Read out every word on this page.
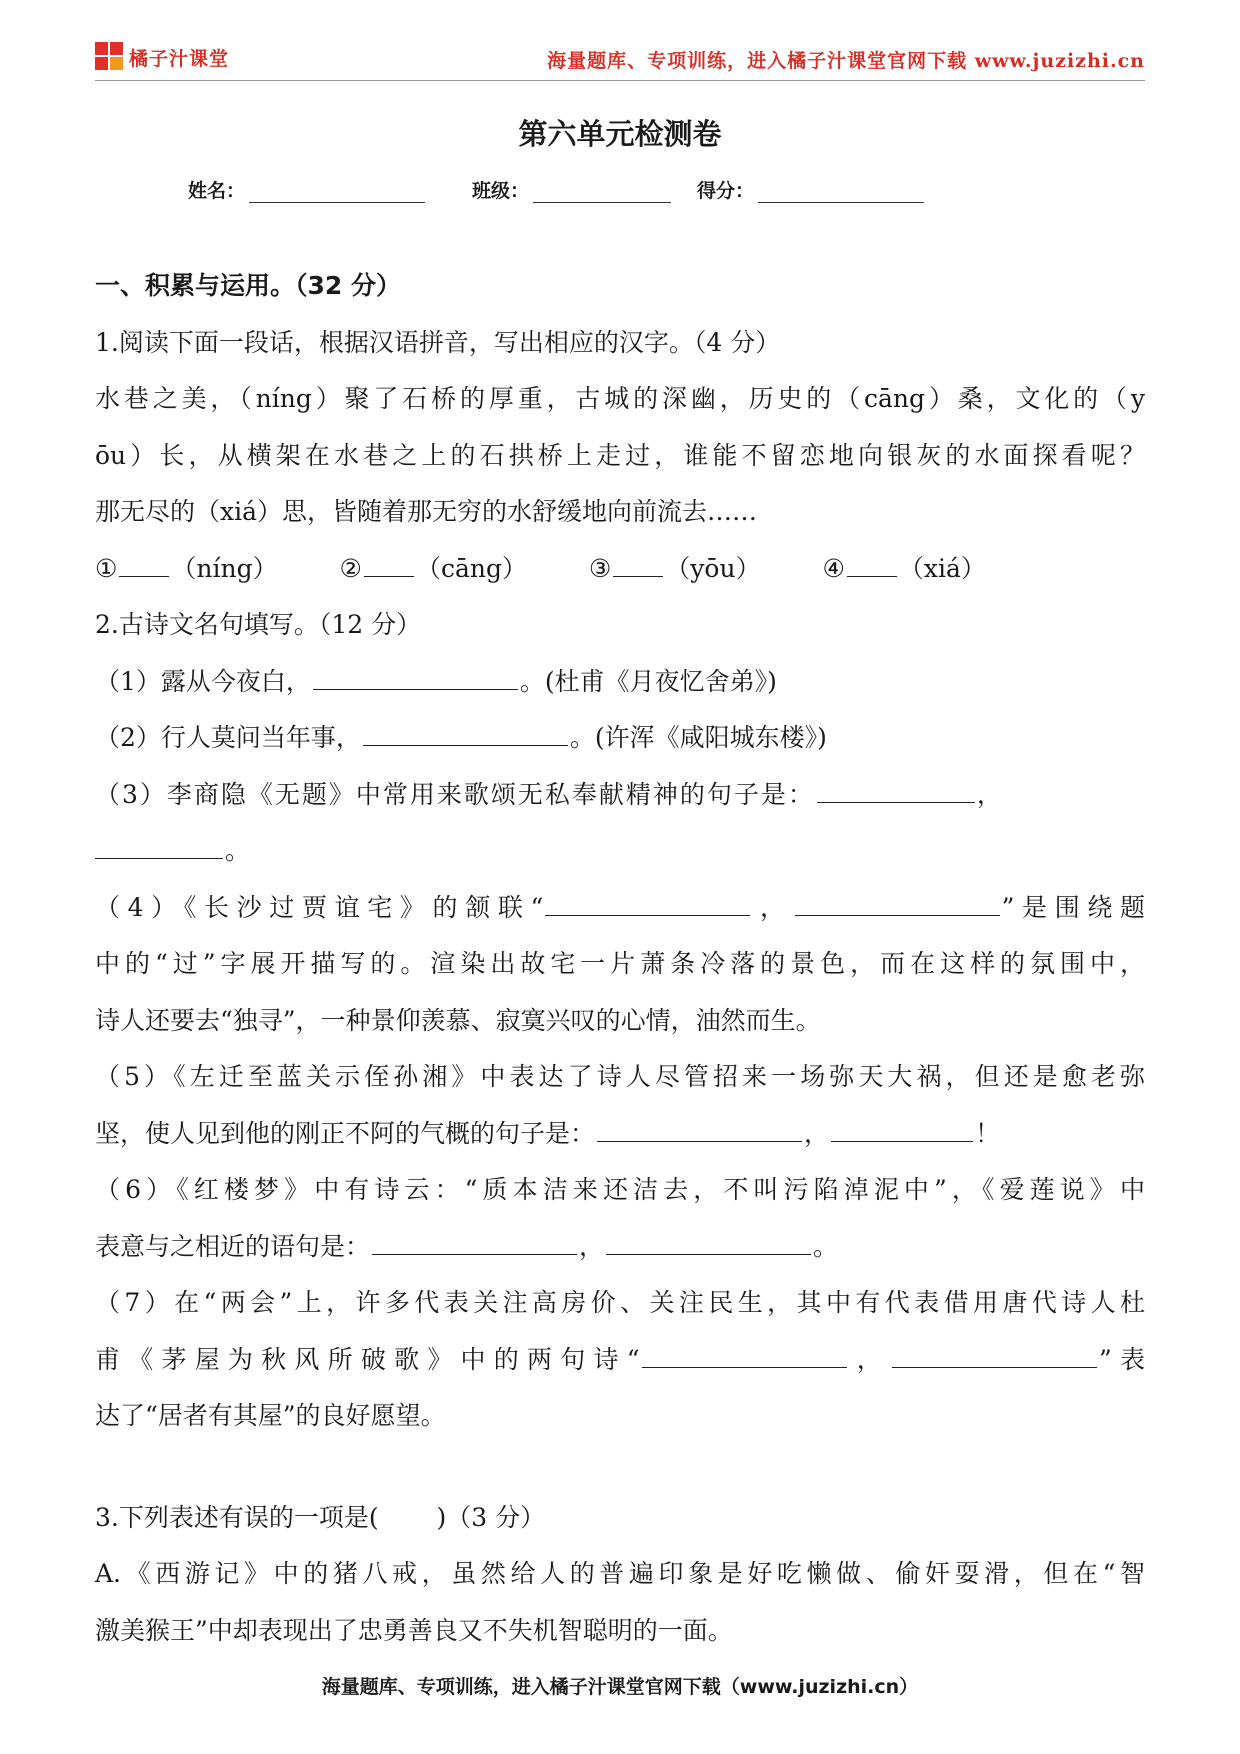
橘子汁课堂	海量题库、专项训练，进入橘子汁课堂官网下载 www.juzizhi.cn
第六单元检测卷
姓名：	班级：	得分：

一、积累与运用。（32 分）

1.阅读下面一段话，根据汉语拼音，写出相应的汉字。（4 分）

水巷之美，（níng）聚了石桥的厚重，古城的深幽，历史的（cāng）桑，文化的（y

ōu）长，从横架在水巷之上的石拱桥上走过，谁能不留恋地向银灰的水面探看呢？

那无尽的（xiá）思，皆随着那无穷的水舒缓地向前流去……

① （níng） ② （cāng） ③ （yōu） ④ （xiá）

2.古诗文名句填写。（12 分）

（1）露从今夜白，	。(杜甫《月夜忆舍弟》)

（2）行人莫问当年事，	。(许浑《咸阳城东楼》)

（3）李商隐《无题》中常用来歌颂无私奉献精神的句子是：	，

。

（4）《长沙过贾谊宅》的颔联“	，	”是围绕题

中的“过”字展开描写的。渲染出故宅一片萧条冷落的景色，而在这样的氛围中，

诗人还要去“独寻”，一种景仰羡慕、寂寞兴叹的心情，油然而生。

（5）《左迁至蓝关示侄孙湘》中表达了诗人尽管招来一场弥天大祸，但还是愈老弥

坚，使人见到他的刚正不阿的气概的句子是：	，	！

（6）《红楼梦》中有诗云：“质本洁来还洁去，不叫污陷淖泥中”，《爱莲说》中

表意与之相近的语句是：	，	。

（7）在“两会”上，许多代表关注高房价、关注民生，其中有代表借用唐代诗人杜

甫《茅屋为秋风所破歌》中的两句诗“	，	”表

达了“居者有其屋”的良好愿望。

3.下列表述有误的一项是(　　 )（3 分）

A.《西游记》中的猪八戒，虽然给人的普遍印象是好吃懒做、偷奸耍滑，但在“智

激美猴王”中却表现出了忠勇善良又不失机智聪明的一面。

海量题库、专项训练，进入橘子汁课堂官网下载（www.juzizhi.cn）
